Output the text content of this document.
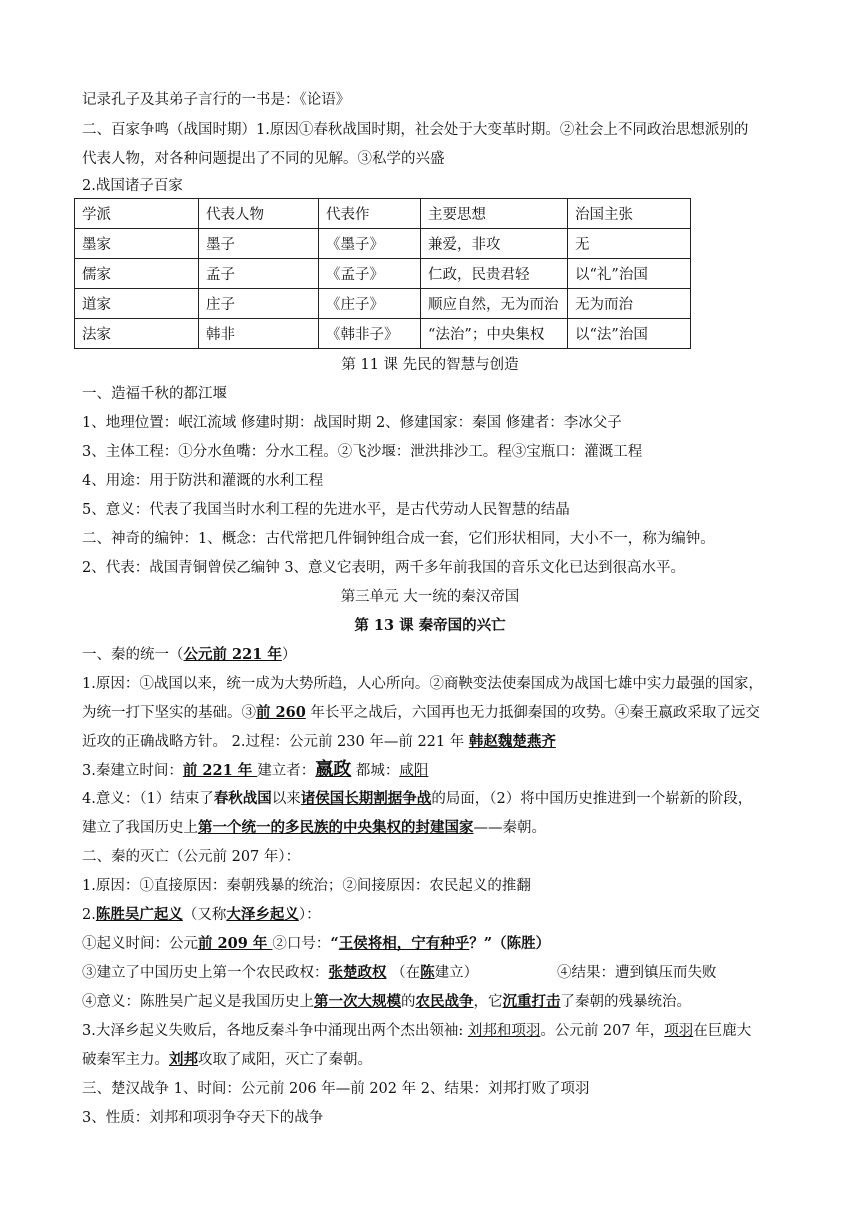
记录孔子及其弟子言行的一书是：《论语》
二、百家争鸣（战国时期）1.原因①春秋战国时期，社会处于大变革时期。②社会上不同政治思想派别的
代表人物，对各种问题提出了不同的见解。③私学的兴盛
2.战国诸子百家
学派	代表人物	代表作	主要思想	治国主张
墨家	墨子	《墨子》	兼爱，非攻	无
儒家	孟子	《孟子》	仁政，民贵君轻	以“礼”治国
道家	庄子	《庄子》	顺应自然，无为而治	无为而治
法家	韩非	《韩非子》	“法治”；中央集权	以“法”治国
第 11 课 先民的智慧与创造
一、造福千秋的都江堰
1、地理位置：岷江流域 修建时期：战国时期 2、修建国家：秦国 修建者：李冰父子
3、主体工程：①分水鱼嘴：分水工程。②飞沙堰：泄洪排沙工。程③宝瓶口：灌溉工程
4、用途：用于防洪和灌溉的水利工程
5、意义：代表了我国当时水利工程的先进水平，是古代劳动人民智慧的结晶
二、神奇的编钟：1、概念：古代常把几件铜钟组合成一套，它们形状相同，大小不一，称为编钟。
2、代表：战国青铜曾侯乙编钟 3、意义它表明，两千多年前我国的音乐文化已达到很高水平。
第三单元 大一统的秦汉帝国
第 13 课 秦帝国的兴亡
一、秦的统一（公元前 221 年）
1.原因：①战国以来，统一成为大势所趋，人心所向。②商鞅变法使秦国成为战国七雄中实力最强的国家，
为统一打下坚实的基础。③前 260 年长平之战后，六国再也无力抵御秦国的攻势。④秦王嬴政采取了远交
近攻的正确战略方针。 2.过程：公元前 230 年—前 221 年 韩赵魏楚燕齐
3.秦建立时间：前 221 年 建立者：嬴政 都城：咸阳
4.意义：（1）结束了春秋战国以来诸侯国长期割据争战的局面，（2）将中国历史推进到一个崭新的阶段，
建立了我国历史上第一个统一的多民族的中央集权的封建国家——秦朝。
二、秦的灭亡（公元前 207 年）：
1.原因：①直接原因：秦朝残暴的统治；②间接原因：农民起义的推翻
2.陈胜吴广起义（又称大泽乡起义）：
①起义时间：公元前 209 年 ②口号：“王侯将相，宁有种乎？”（陈胜）
③建立了中国历史上第一个农民政权：张楚政权 （在陈建立）	④结果：遭到镇压而失败
④意义：陈胜吴广起义是我国历史上第一次大规模的农民战争，它沉重打击了秦朝的残暴统治。
3.大泽乡起义失败后，各地反秦斗争中涌现出两个杰出领袖: 刘邦和项羽。公元前 207 年，项羽在巨鹿大
破秦军主力。刘邦攻取了咸阳，灭亡了秦朝。
三、楚汉战争 1、时间：公元前 206 年—前 202 年 2、结果：刘邦打败了项羽
3、性质：刘邦和项羽争夺天下的战争
